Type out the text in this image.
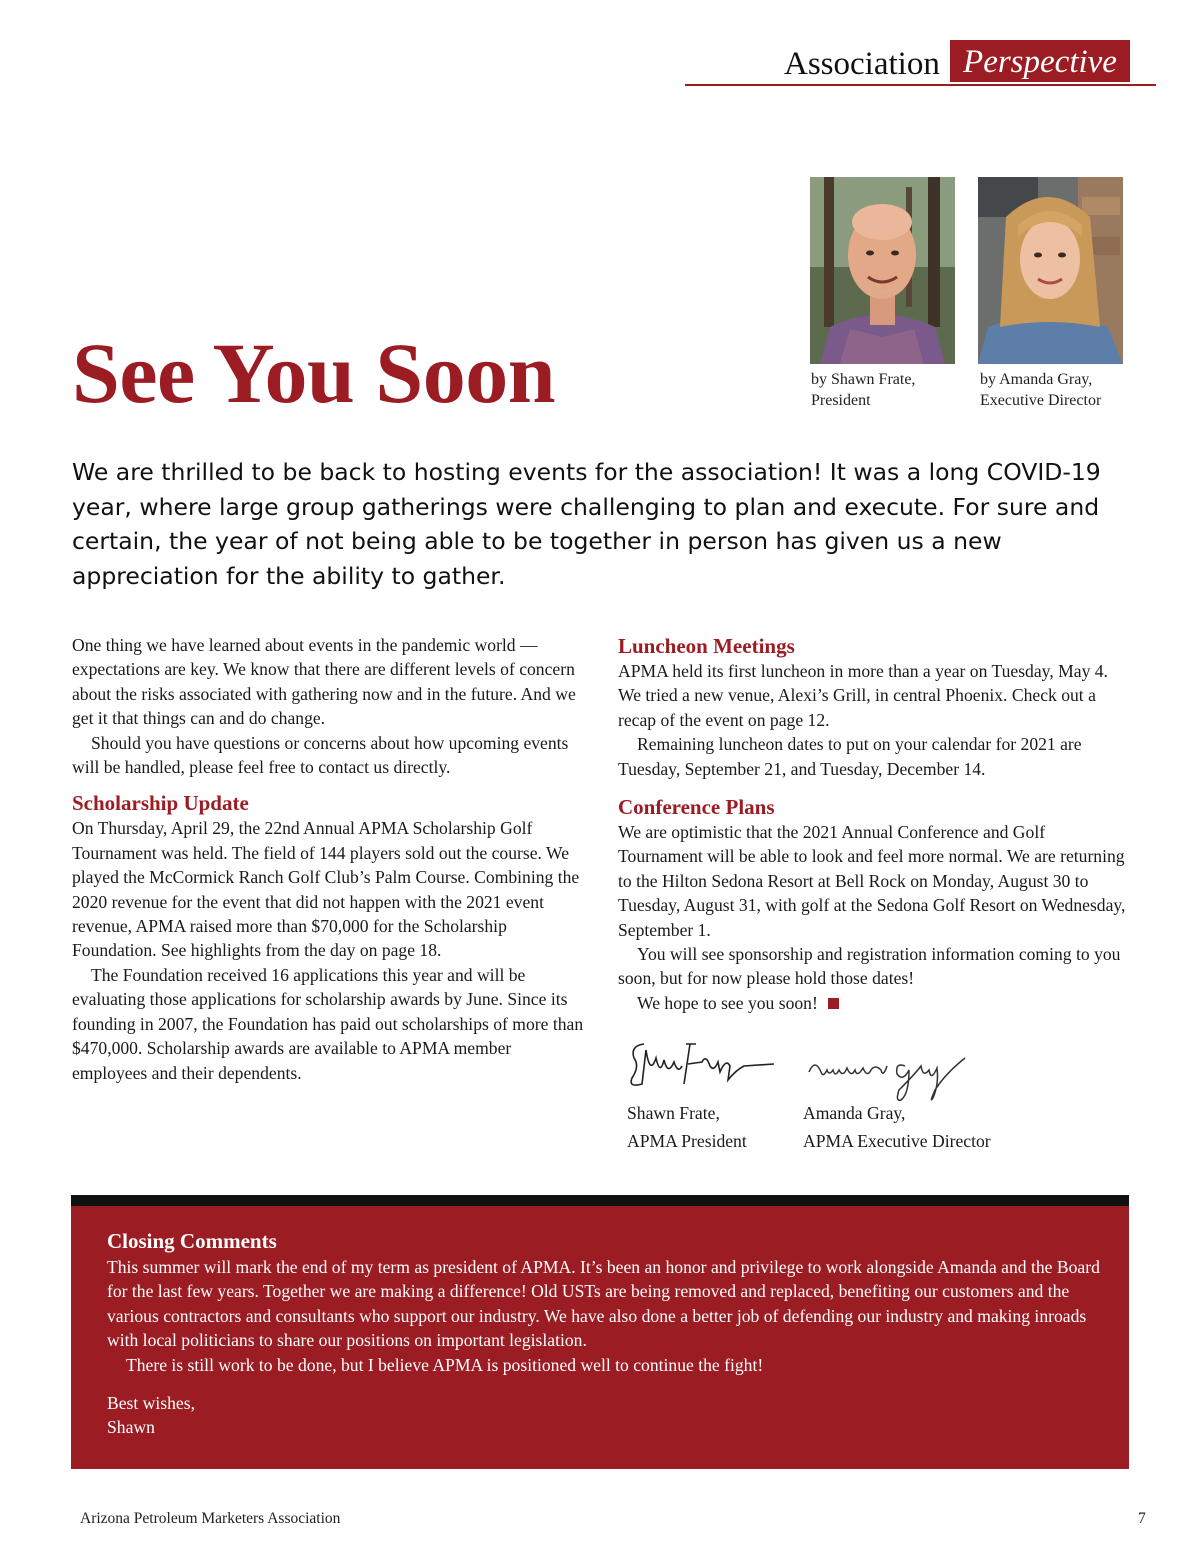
Association Perspective
by Shawn Frate,
President
by Amanda Gray,
Executive Director
See You Soon
We are thrilled to be back to hosting events for the association! It was a long COVID-19 year, where large group gatherings were challenging to plan and execute. For sure and certain, the year of not being able to be together in person has given us a new appreciation for the ability to gather.

One thing we have learned about events in the pandemic world — expectations are key. We know that there are different levels of concern about the risks associated with gathering now and in the future. And we get it that things can and do change.

Should you have questions or concerns about how upcoming events will be handled, please feel free to contact us directly.

Scholarship Update

On Thursday, April 29, the 22nd Annual APMA Scholarship Golf Tournament was held. The field of 144 players sold out the course. We played the McCormick Ranch Golf Club’s Palm Course. Combining the 2020 revenue for the event that did not happen with the 2021 event revenue, APMA raised more than $70,000 for the Scholarship Foundation. See highlights from the day on page 18.

The Foundation received 16 applications this year and will be evaluating those applications for scholarship awards by June. Since its founding in 2007, the Foundation has paid out scholarships of more than $470,000. Scholarship awards are available to APMA member employees and their dependents.

Luncheon Meetings

APMA held its first luncheon in more than a year on Tuesday, May 4. We tried a new venue, Alexi’s Grill, in central Phoenix. Check out a recap of the event on page 12.

Remaining luncheon dates to put on your calendar for 2021 are Tuesday, September 21, and Tuesday, December 14.

Conference Plans

We are optimistic that the 2021 Annual Conference and Golf Tournament will be able to look and feel more normal. We are returning to the Hilton Sedona Resort at Bell Rock on Monday, August 30 to Tuesday, August 31, with golf at the Sedona Golf Resort on Wednesday, September 1.

You will see sponsorship and registration information coming to you soon, but for now please hold those dates!

We hope to see you soon!

Shawn Frate,
APMA President
Amanda Gray,
APMA Executive Director
Closing Comments

This summer will mark the end of my term as president of APMA. It’s been an honor and privilege to work alongside Amanda and the Board for the last few years. Together we are making a difference! Old USTs are being removed and replaced, benefiting our customers and the various contractors and consultants who support our industry. We have also done a better job of defending our industry and making inroads with local politicians to share our positions on important legislation.

There is still work to be done, but I believe APMA is positioned well to continue the fight!

Best wishes,
Shawn
Arizona Petroleum Marketers Association	7
